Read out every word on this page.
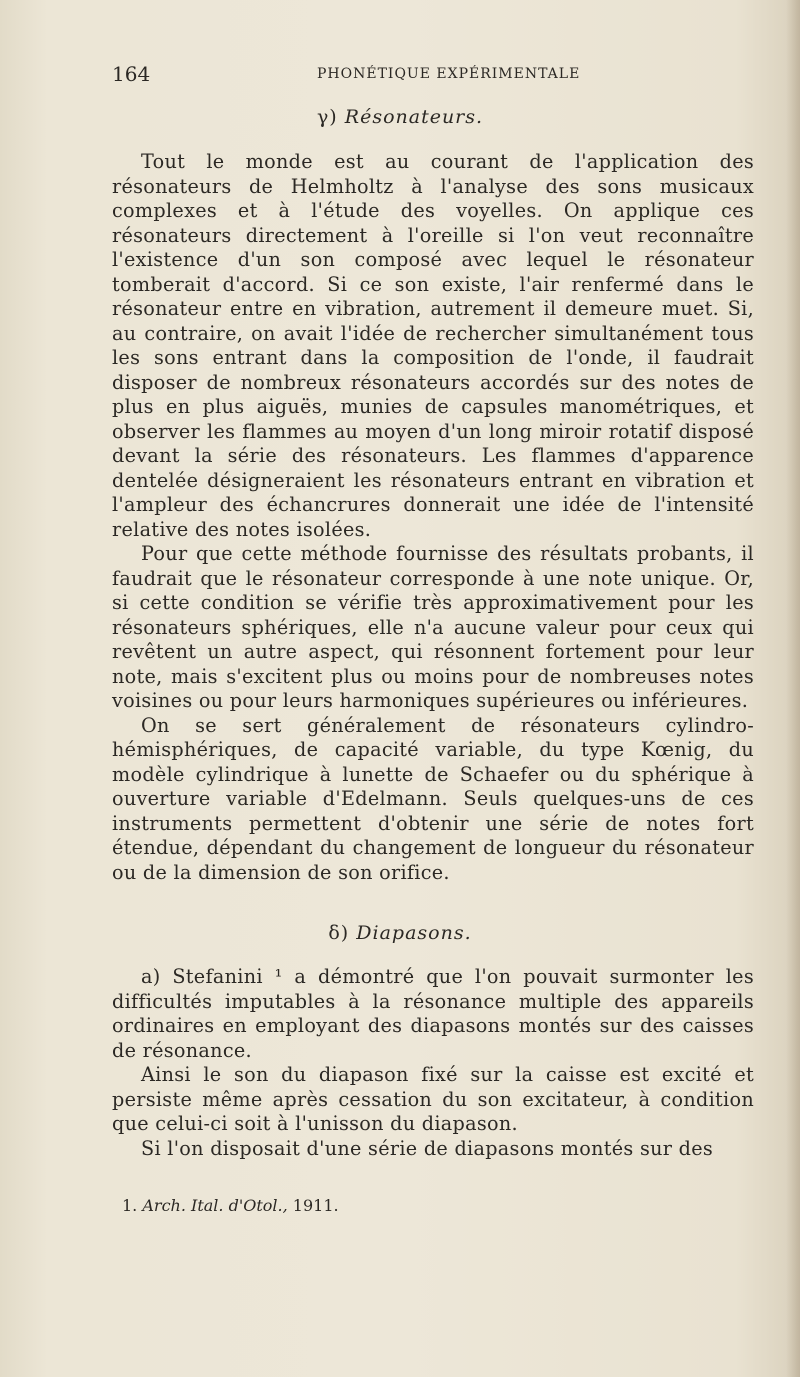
164	PHONÉTIQUE EXPÉRIMENTALE
γ) Résonateurs.

Tout le monde est au courant de l'application des résonateurs de Helmholtz à l'analyse des sons musicaux complexes et à l'étude des voyelles. On applique ces résonateurs directement à l'oreille si l'on veut reconnaître l'existence d'un son composé avec lequel le résonateur tomberait d'accord. Si ce son existe, l'air renfermé dans le résonateur entre en vibration, autrement il demeure muet. Si, au contraire, on avait l'idée de rechercher simultanément tous les sons entrant dans la composition de l'onde, il faudrait disposer de nombreux résonateurs accordés sur des notes de plus en plus aiguës, munies de capsules manométriques, et observer les flammes au moyen d'un long miroir rotatif disposé devant la série des résonateurs. Les flammes d'apparence dentelée désigneraient les résonateurs entrant en vibration et l'ampleur des échancrures donnerait une idée de l'intensité relative des notes isolées.

Pour que cette méthode fournisse des résultats probants, il faudrait que le résonateur corresponde à une note unique. Or, si cette condition se vérifie très approximativement pour les résonateurs sphériques, elle n'a aucune valeur pour ceux qui revêtent un autre aspect, qui résonnent fortement pour leur note, mais s'excitent plus ou moins pour de nombreuses notes voisines ou pour leurs harmoniques supérieures ou inférieures.

On se sert généralement de résonateurs cylindro-hémisphériques, de capacité variable, du type Kœnig, du modèle cylindrique à lunette de Schaefer ou du sphérique à ouverture variable d'Edelmann. Seuls quelques-uns de ces instruments permettent d'obtenir une série de notes fort étendue, dépendant du changement de longueur du résonateur ou de la dimension de son orifice.

δ) Diapasons.

a) Stefanini ¹ a démontré que l'on pouvait surmonter les difficultés imputables à la résonance multiple des appareils ordinaires en employant des diapasons montés sur des caisses de résonance.

Ainsi le son du diapason fixé sur la caisse est excité et persiste même après cessation du son excitateur, à condition que celui-ci soit à l'unisson du diapason.

Si l'on disposait d'une série de diapasons montés sur des

1. Arch. Ital. d'Otol., 1911.
